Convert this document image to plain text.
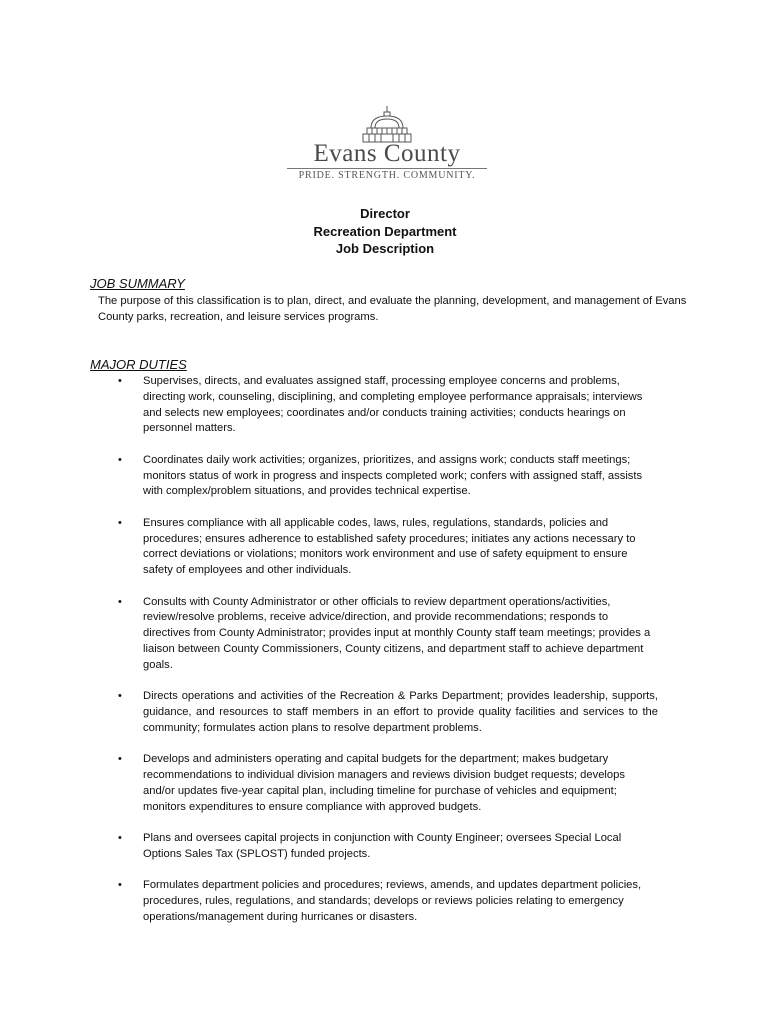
Evans County
PRIDE. STRENGTH. COMMUNITY.
Director
Recreation Department
Job Description
JOB SUMMARY
The purpose of this classification is to plan, direct, and evaluate the planning, development, and management of Evans County parks, recreation, and leisure services programs.
MAJOR DUTIES
• Supervises, directs, and evaluates assigned staff, processing employee concerns and problems, directing work, counseling, disciplining, and completing employee performance appraisals; interviews and selects new employees; coordinates and/or conducts training activities; conducts hearings on personnel matters.
• Coordinates daily work activities; organizes, prioritizes, and assigns work; conducts staff meetings; monitors status of work in progress and inspects completed work; confers with assigned staff, assists with complex/problem situations, and provides technical expertise.
• Ensures compliance with all applicable codes, laws, rules, regulations, standards, policies and procedures; ensures adherence to established safety procedures; initiates any actions necessary to correct deviations or violations; monitors work environment and use of safety equipment to ensure safety of employees and other individuals.
• Consults with County Administrator or other officials to review department operations/activities, review/resolve problems, receive advice/direction, and provide recommendations; responds to directives from County Administrator; provides input at monthly County staff team meetings; provides a liaison between County Commissioners, County citizens, and department staff to achieve department goals.
• Directs operations and activities of the Recreation & Parks Department; provides leadership, supports, guidance, and resources to staff members in an effort to provide quality facilities and services to the community; formulates action plans to resolve department problems.
• Develops and administers operating and capital budgets for the department; makes budgetary recommendations to individual division managers and reviews division budget requests; develops and/or updates five-year capital plan, including timeline for purchase of vehicles and equipment; monitors expenditures to ensure compliance with approved budgets.
• Plans and oversees capital projects in conjunction with County Engineer; oversees Special Local Options Sales Tax (SPLOST) funded projects.
• Formulates department policies and procedures; reviews, amends, and updates department policies, procedures, rules, regulations, and standards; develops or reviews policies relating to emergency operations/management during hurricanes or disasters.
